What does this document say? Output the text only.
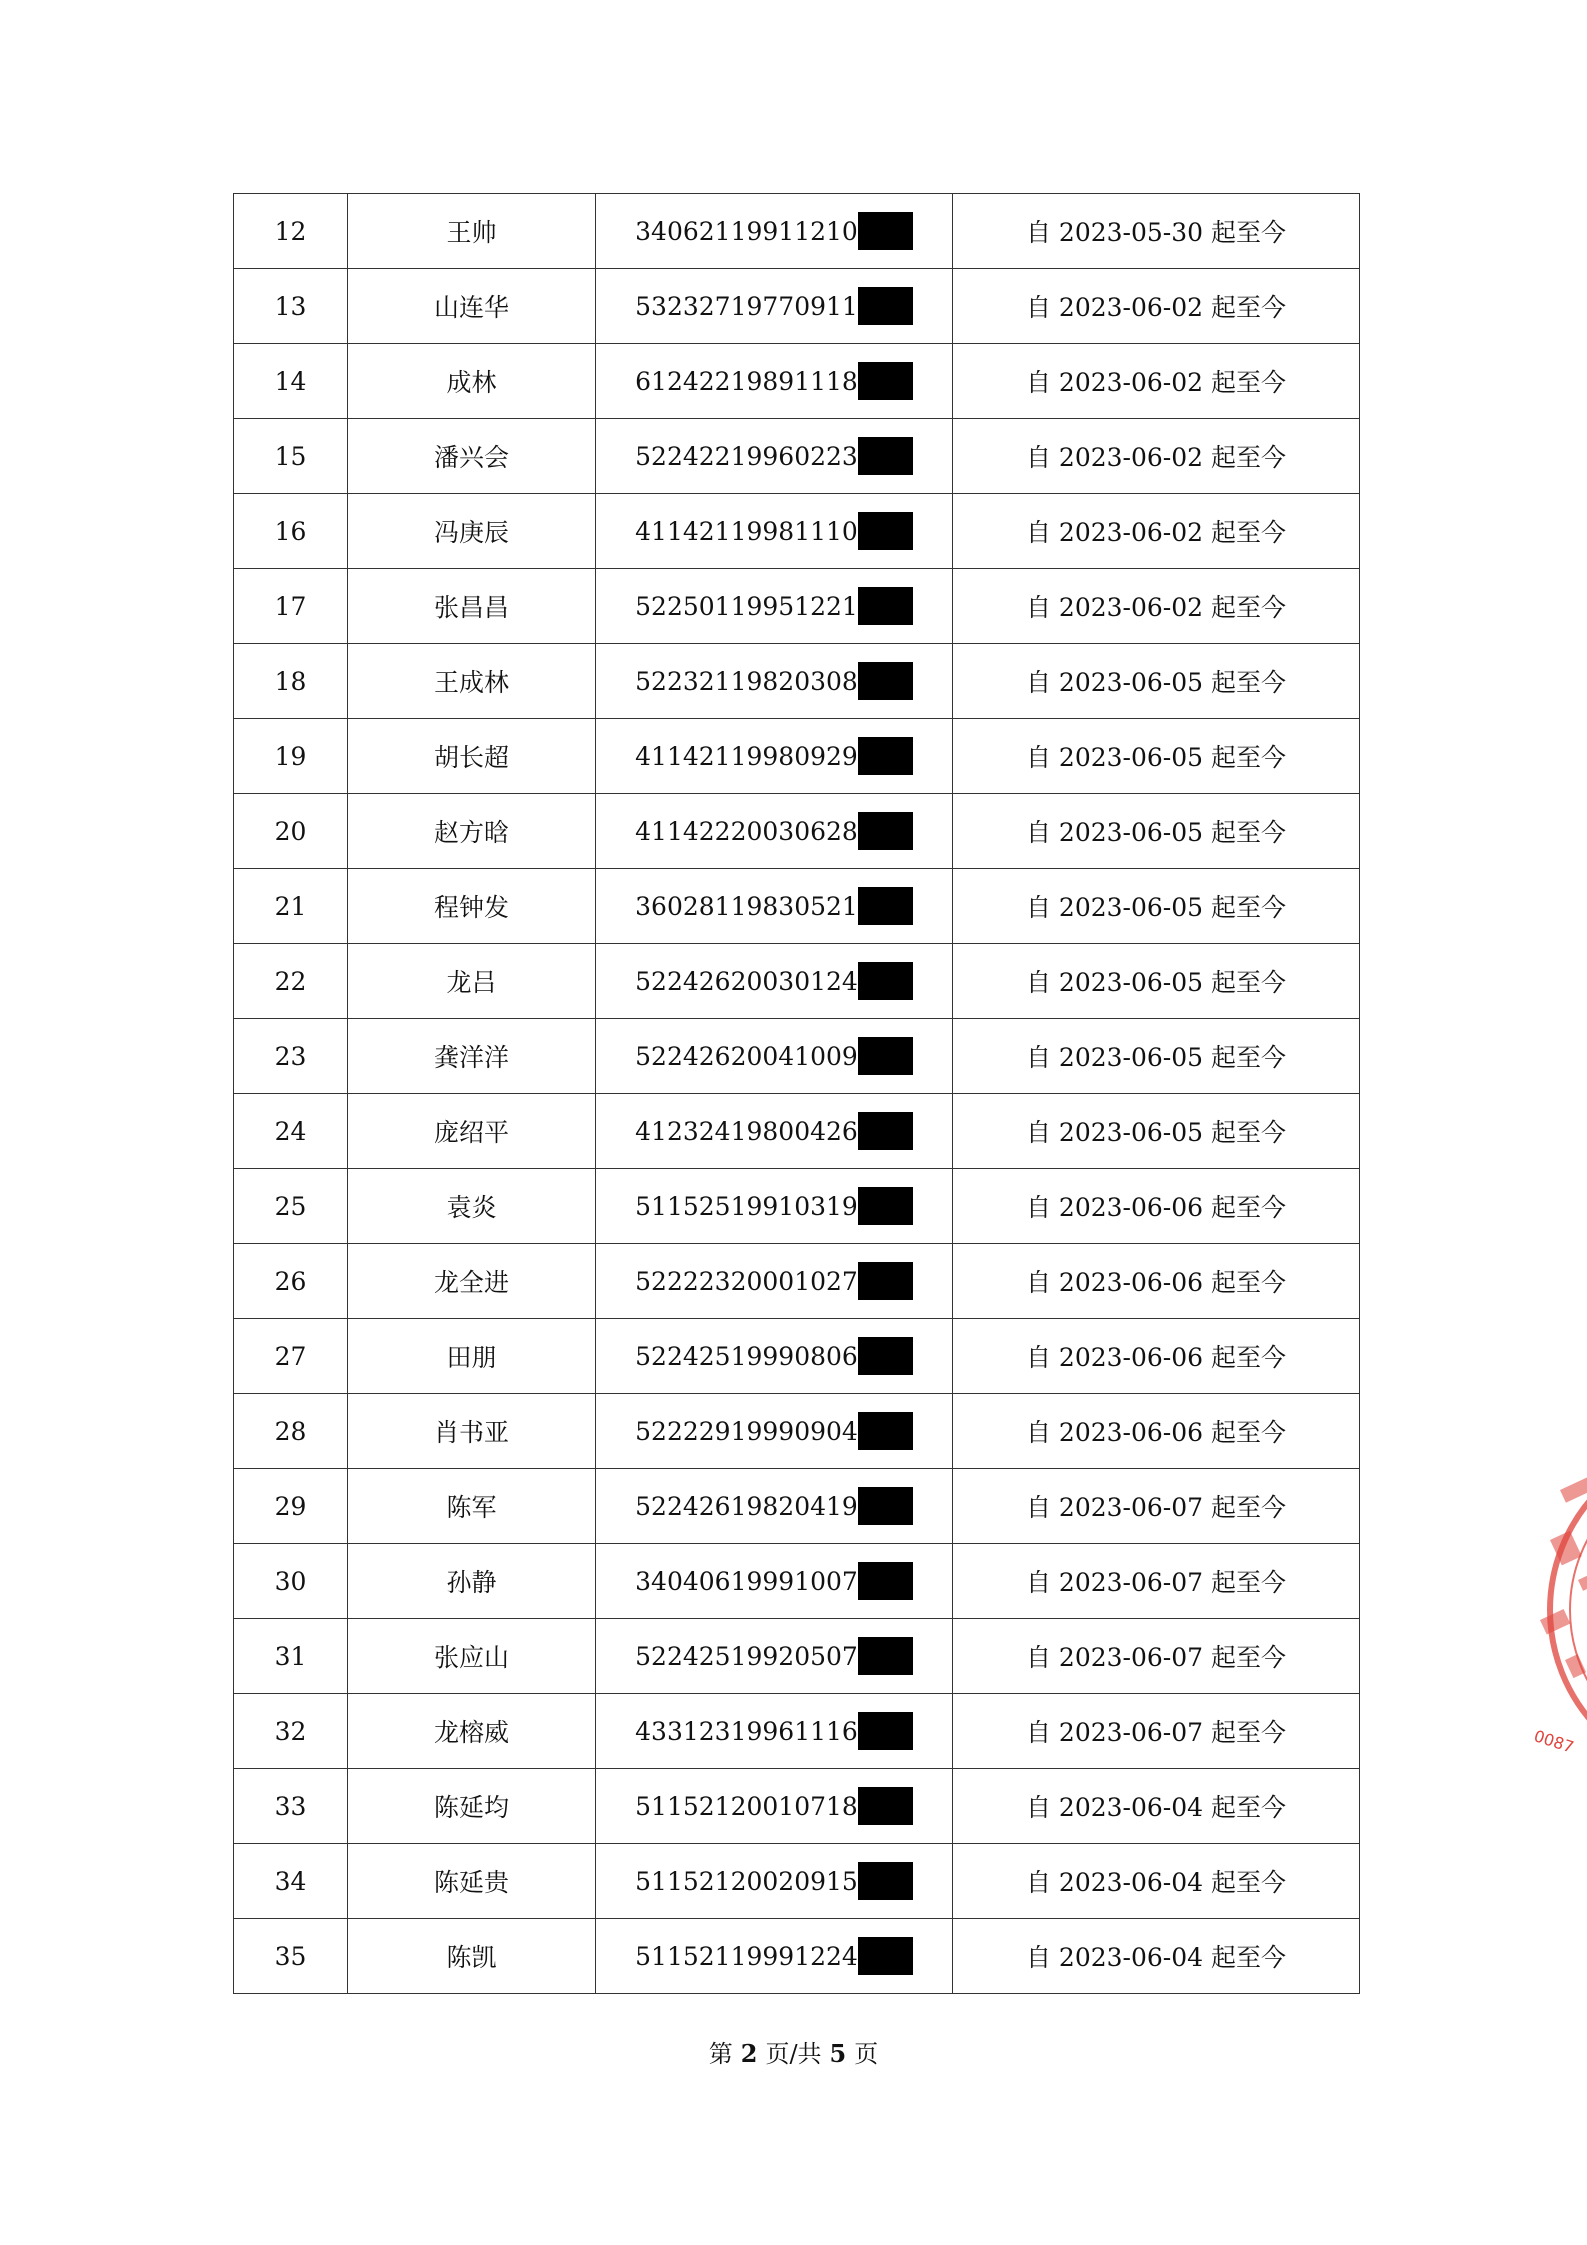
12	王帅	34062119911210	自 2023-05-30 起至今
13	山连华	53232719770911	自 2023-06-02 起至今
14	成林	61242219891118	自 2023-06-02 起至今
15	潘兴会	52242219960223	自 2023-06-02 起至今
16	冯庚辰	41142119981110	自 2023-06-02 起至今
17	张昌昌	52250119951221	自 2023-06-02 起至今
18	王成林	52232119820308	自 2023-06-05 起至今
19	胡长超	41142119980929	自 2023-06-05 起至今
20	赵方晗	41142220030628	自 2023-06-05 起至今
21	程钟发	36028119830521	自 2023-06-05 起至今
22	龙吕	52242620030124	自 2023-06-05 起至今
23	龚洋洋	52242620041009	自 2023-06-05 起至今
24	庞绍平	41232419800426	自 2023-06-05 起至今
25	袁炎	51152519910319	自 2023-06-06 起至今
26	龙全进	52222320001027	自 2023-06-06 起至今
27	田朋	52242519990806	自 2023-06-06 起至今
28	肖书亚	52222919990904	自 2023-06-06 起至今
29	陈军	52242619820419	自 2023-06-07 起至今
30	孙静	34040619991007	自 2023-06-07 起至今
31	张应山	52242519920507	自 2023-06-07 起至今
32	龙榕威	43312319961116	自 2023-06-07 起至今
33	陈延均	51152120010718	自 2023-06-04 起至今
34	陈延贵	51152120020915	自 2023-06-04 起至今
35	陈凯	51152119991224	自 2023-06-04 起至今
第 2 页/共 5 页
0087
